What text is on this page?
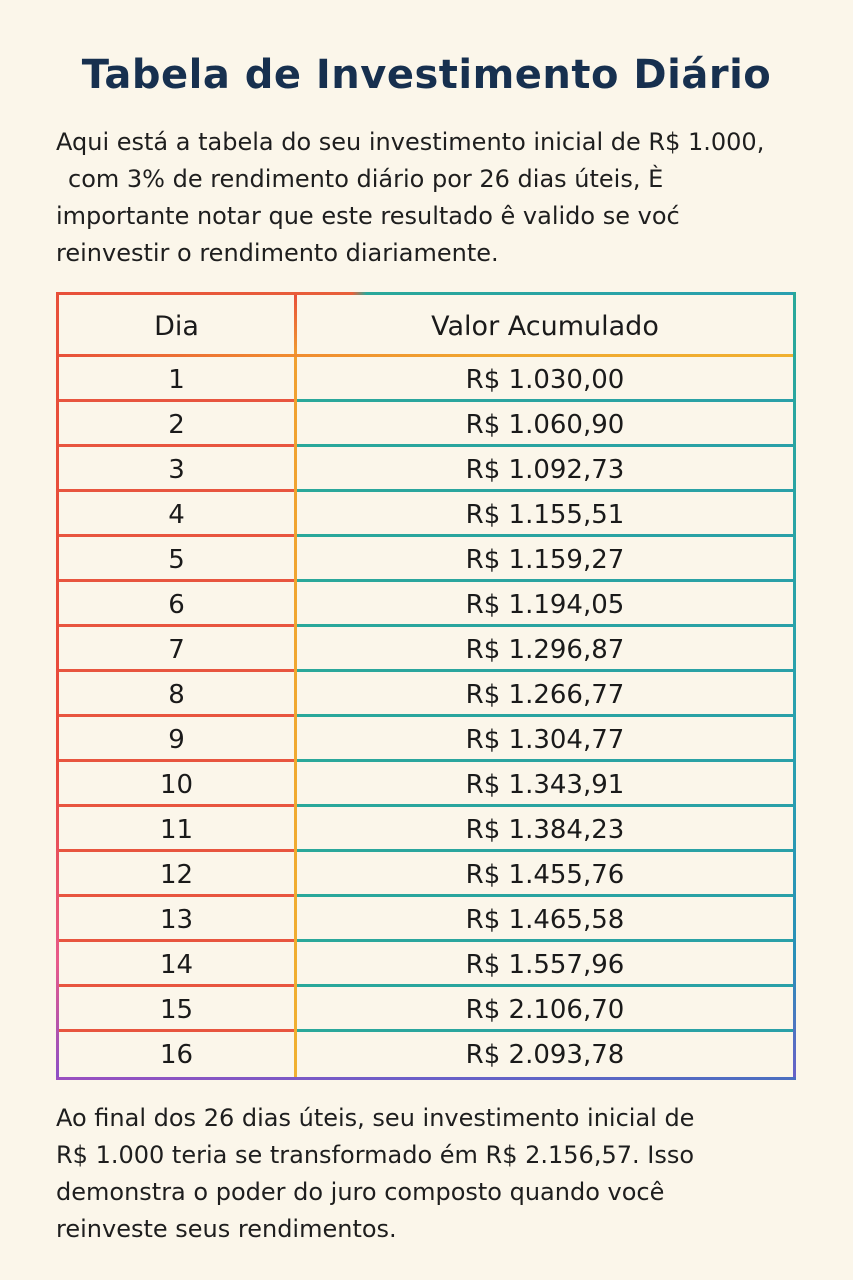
Tabela de Investimento Diário

Aqui está a tabela do seu investimento inicial de R$ 1.000,
com 3% de rendimento diário por 26 dias úteis, È
importante notar que este resultado ê valido se voć
reinvestir o rendimento diariamente.

Dia	Valor Acumulado
1	R$ 1.030,00
2	R$ 1.060,90
3	R$ 1.092,73
4	R$ 1.155,51
5	R$ 1.159,27
6	R$ 1.194,05
7	R$ 1.296,87
8	R$ 1.266,77
9	R$ 1.304,77
10	R$ 1.343,91
11	R$ 1.384,23
12	R$ 1.455,76
13	R$ 1.465,58
14	R$ 1.557,96
15	R$ 2.106,70
16	R$ 2.093,78

Ao final dos 26 dias úteis, seu investimento inicial de
R$ 1.000 teria se transformado ém R$ 2.156,57. Isso
demonstra o poder do juro composto quando você
reinveste seus rendimentos.
